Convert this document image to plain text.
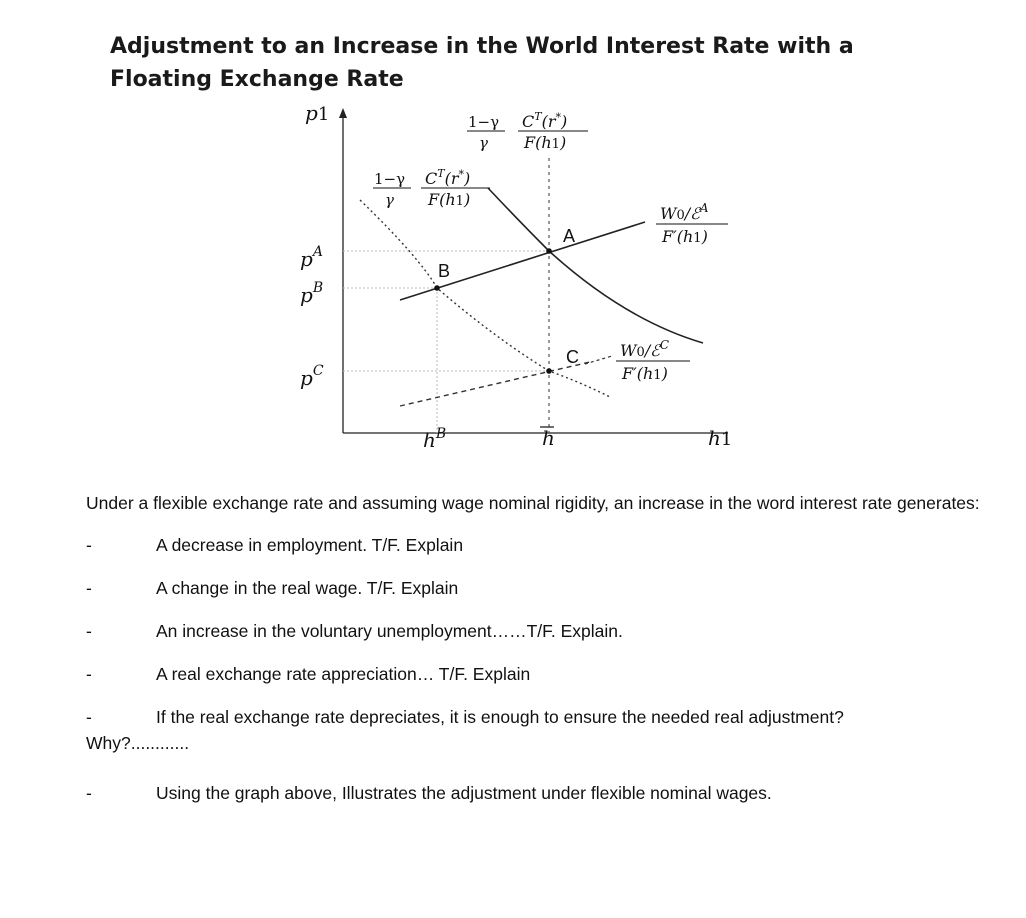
Adjustment to an Increase in the World Interest Rate with a
Floating Exchange Rate
p1
h1
$p^A$
$p^B$
$p^C$
$h^B$	h
A
B
C
1−γ
γ
$C^T(r^*)$
F(h1)
1−γ
γ
$C^T(r^*)$
F(h1)
W0/ℰ$^A$
F′(h1)
W0/ℰ$^C$
F′(h1)

Under a flexible exchange rate and assuming wage nominal rigidity, an increase in the word interest rate generates:

-	A decrease in employment. T/F. Explain
-	A change in the real wage. T/F. Explain
-	An increase in the voluntary unemployment……T/F. Explain.
-	A real exchange rate appreciation… T/F. Explain
-	If the real exchange rate depreciates, it is enough to ensure the needed real adjustment?
Why?............
-	Using the graph above, Illustrates the adjustment under flexible nominal wages.
